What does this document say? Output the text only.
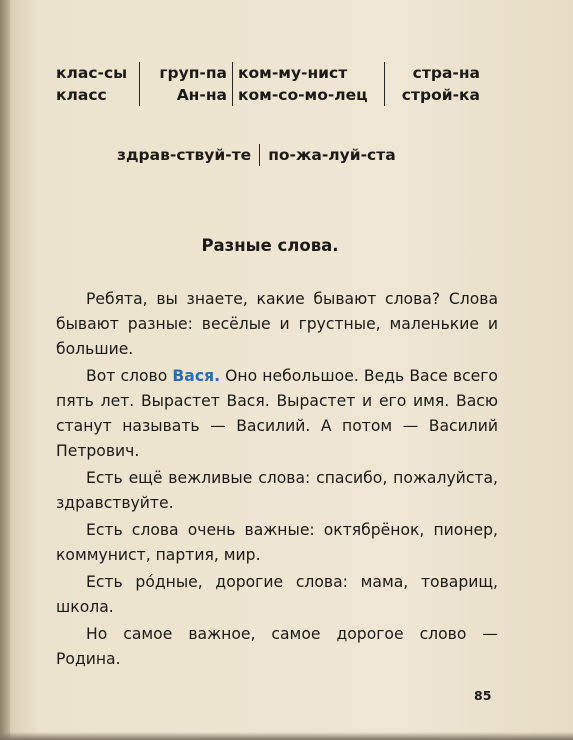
клас-сы
класс
груп-па
Ан-на
ком-му-нист
ком-со-мо-лец
стра-на
строй-ка
здрав-ствуй-те	по-жа-луй-ста
Разные слова.

Ребята, вы знаете, какие бывают слова? Слова бывают разные: весёлые и грустные, маленькие и большие.

Вот слово Вася. Оно небольшое. Ведь Васе всего пять лет. Вырастет Вася. Вырастет и его имя. Васю станут называть — Василий. А потом — Василий Петрович.

Есть ещё вежливые слова: спасибо, пожалуйста, здравствуйте.

Есть слова очень важные: октябрёнок, пионер, коммунист, партия, мир.

Есть ро́дные, дорогие слова: мама, товарищ, школа.

Но самое важное, самое дорогое слово — Родина.

85
